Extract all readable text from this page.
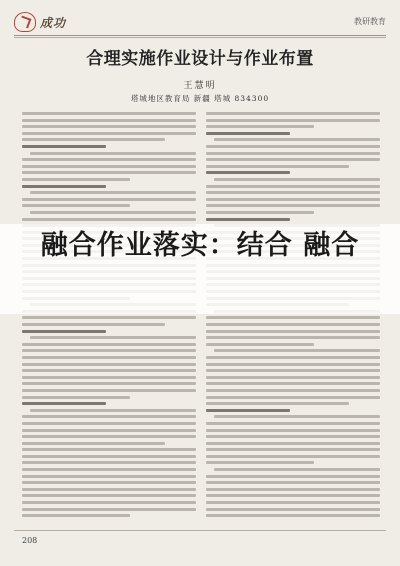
成功	教研教育
合理实施作业设计与作业布置
王慧明
塔城地区教育局 新疆 塔城 834300
融合作业落实：结合 融合
208
